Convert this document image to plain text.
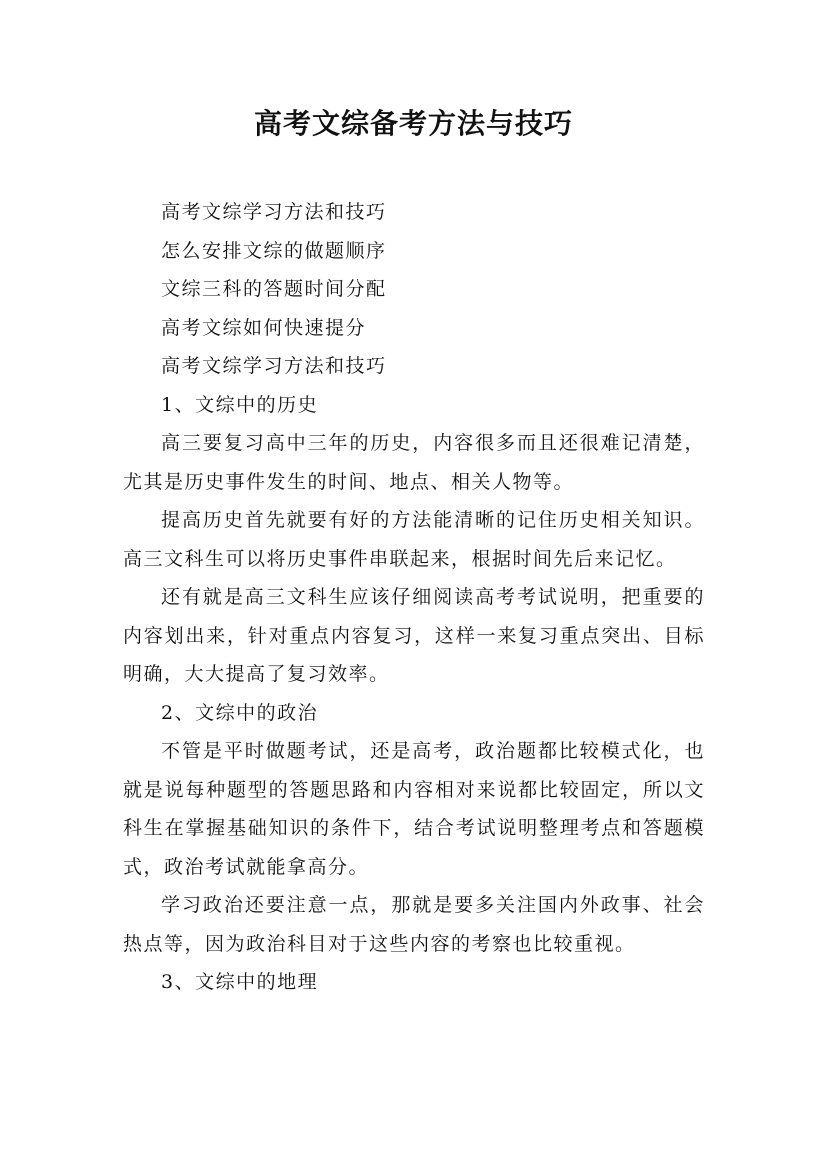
高考文综备考方法与技巧

高考文综学习方法和技巧

怎么安排文综的做题顺序

文综三科的答题时间分配

高考文综如何快速提分

高考文综学习方法和技巧

1、文综中的历史

高三要复习高中三年的历史，内容很多而且还很难记清楚，尤其是历史事件发生的时间、地点、相关人物等。

提高历史首先就要有好的方法能清晰的记住历史相关知识。高三文科生可以将历史事件串联起来，根据时间先后来记忆。

还有就是高三文科生应该仔细阅读高考考试说明，把重要的内容划出来，针对重点内容复习，这样一来复习重点突出、目标明确，大大提高了复习效率。

2、文综中的政治

不管是平时做题考试，还是高考，政治题都比较模式化，也就是说每种题型的答题思路和内容相对来说都比较固定，所以文科生在掌握基础知识的条件下，结合考试说明整理考点和答题模式，政治考试就能拿高分。

学习政治还要注意一点，那就是要多关注国内外政事、社会热点等，因为政治科目对于这些内容的考察也比较重视。

3、文综中的地理
